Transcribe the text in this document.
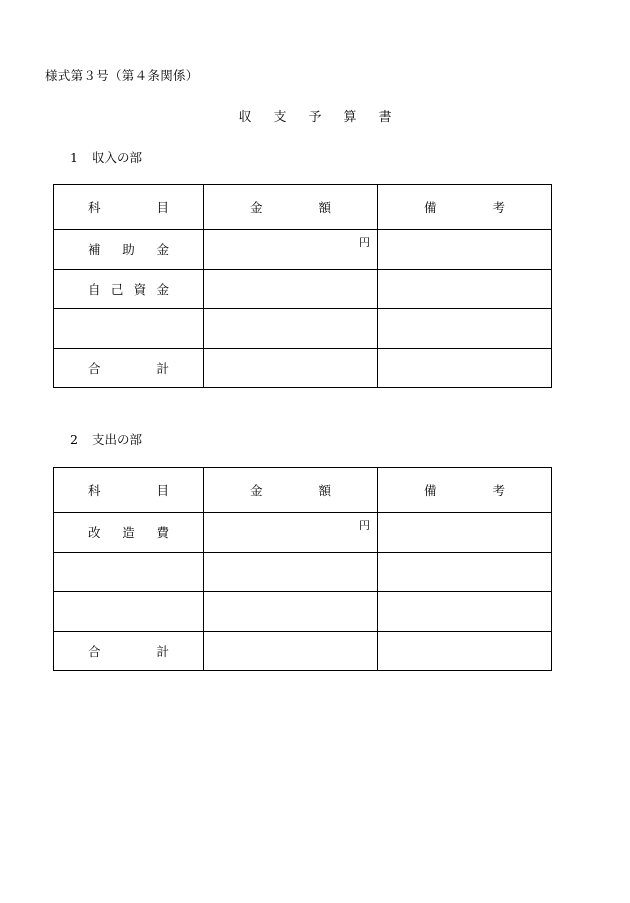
様式第３号（第４条関係）
収 支 予 算 書
1 収入の部
科 目	金 額	備 考

補 助 金	円	

自 己 資 金		

合 計		

2 支出の部
科 目	金 額	備 考

改 造 費	円	

合 計		
